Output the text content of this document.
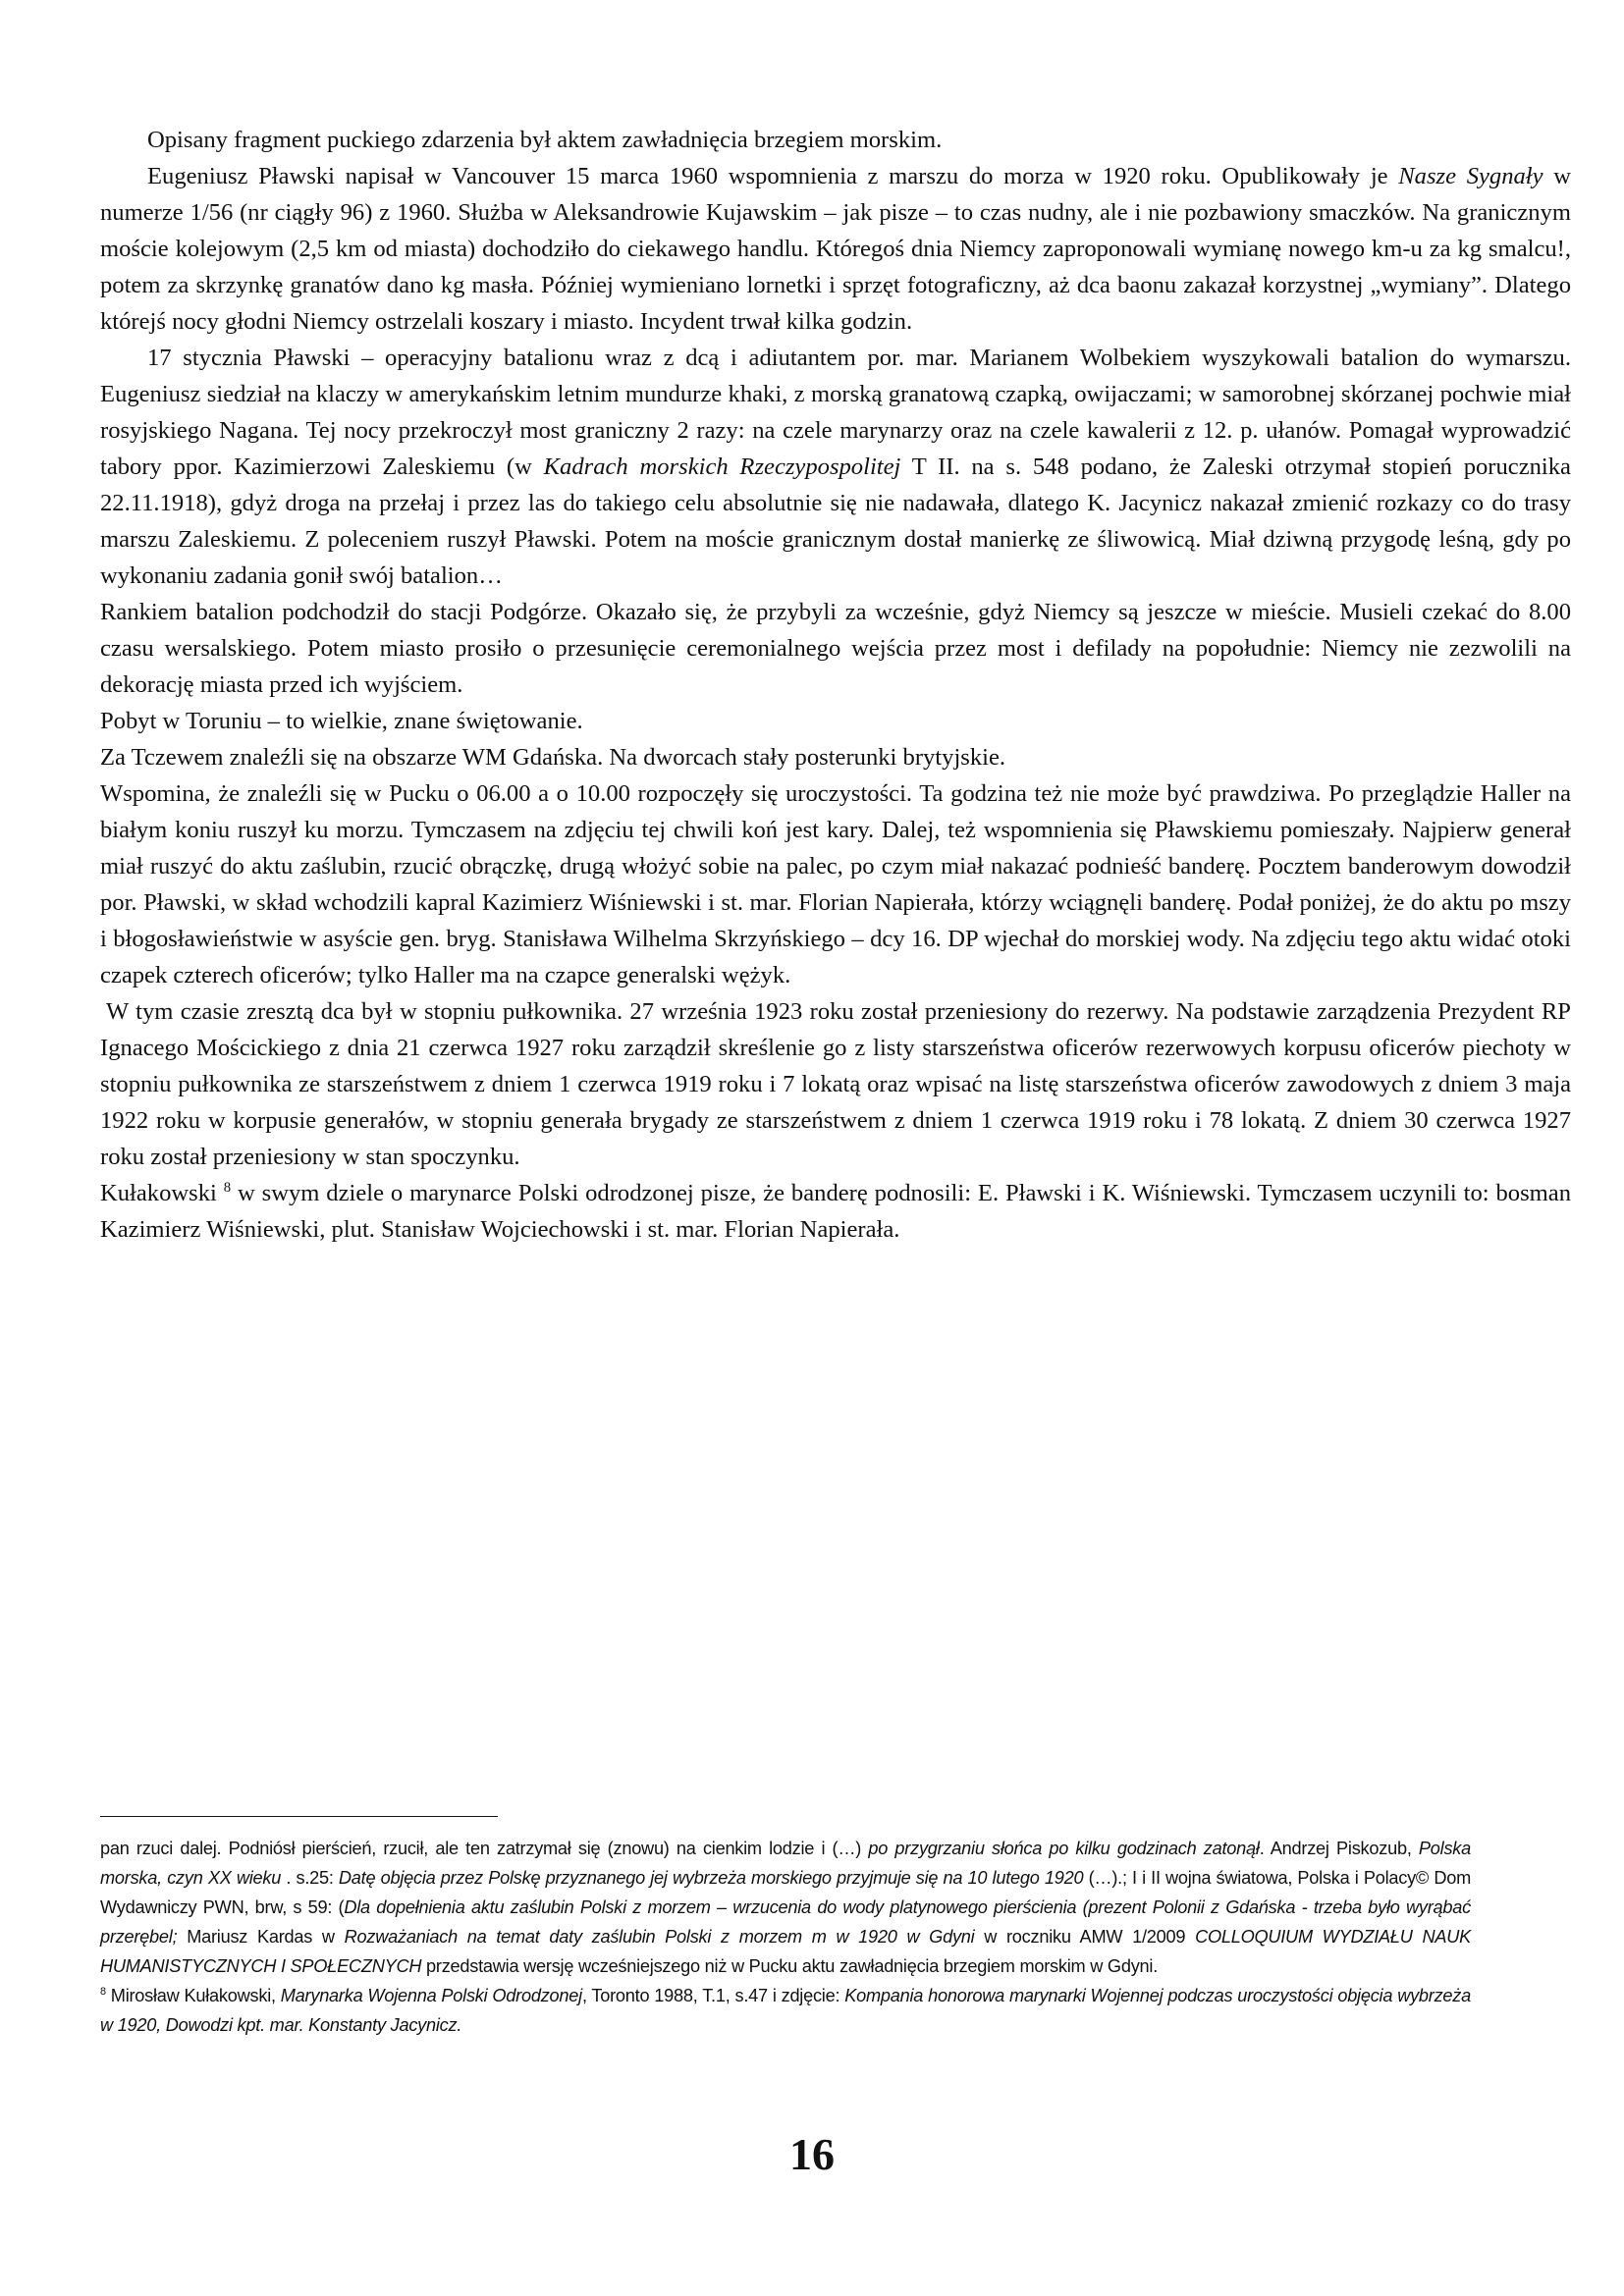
Opisany fragment puckiego zdarzenia był aktem zawładnięcia brzegiem morskim.

Eugeniusz Pławski napisał w Vancouver 15 marca 1960 wspomnienia z marszu do morza w 1920 roku. Opublikowały je Nasze Sygnały w numerze 1/56 (nr ciągły 96) z 1960. Służba w Aleksandrowie Kujawskim – jak pisze – to czas nudny, ale i nie pozbawiony smaczków. Na granicznym moście kolejowym (2,5 km od miasta) dochodziło do ciekawego handlu. Któregoś dnia Niemcy zaproponowali wymianę nowego km-u za kg smalcu!, potem za skrzynkę granatów dano kg masła. Później wymieniano lornetki i sprzęt fotograficzny, aż dca baonu zakazał korzystnej „wymiany”. Dlatego którejś nocy głodni Niemcy ostrzelali koszary i miasto. Incydent trwał kilka godzin.

17 stycznia Pławski – operacyjny batalionu wraz z dcą i adiutantem por. mar. Marianem Wolbekiem wyszykowali batalion do wymarszu. Eugeniusz siedział na klaczy w amerykańskim letnim mundurze khaki, z morską granatową czapką, owijaczami; w samorobnej skórzanej pochwie miał rosyjskiego Nagana. Tej nocy przekroczył most graniczny 2 razy: na czele marynarzy oraz na czele kawalerii z 12. p. ułanów. Pomagał wyprowadzić tabory ppor. Kazimierzowi Zaleskiemu (w Kadrach morskich Rzeczypospolitej T II. na s. 548 podano, że Zaleski otrzymał stopień porucznika 22.11.1918), gdyż droga na przełaj i przez las do takiego celu absolutnie się nie nadawała, dlatego K. Jacynicz nakazał zmienić rozkazy co do trasy marszu Zaleskiemu. Z poleceniem ruszył Pławski. Potem na moście granicznym dostał manierkę ze śliwowicą. Miał dziwną przygodę leśną, gdy po wykonaniu zadania gonił swój batalion…

Rankiem batalion podchodził do stacji Podgórze. Okazało się, że przybyli za wcześnie, gdyż Niemcy są jeszcze w mieście. Musieli czekać do 8.00 czasu wersalskiego. Potem miasto prosiło o przesunięcie ceremonialnego wejścia przez most i defilady na popołudnie: Niemcy nie zezwolili na dekorację miasta przed ich wyjściem.

Pobyt w Toruniu – to wielkie, znane świętowanie.

Za Tczewem znaleźli się na obszarze WM Gdańska. Na dworcach stały posterunki brytyjskie.

Wspomina, że znaleźli się w Pucku o 06.00 a o 10.00 rozpoczęły się uroczystości. Ta godzina też nie może być prawdziwa. Po przeglądzie Haller na białym koniu ruszył ku morzu. Tymczasem na zdjęciu tej chwili koń jest kary. Dalej, też wspomnienia się Pławskiemu pomieszały. Najpierw generał miał ruszyć do aktu zaślubin, rzucić obrączkę, drugą włożyć sobie na palec, po czym miał nakazać podnieść banderę. Pocztem banderowym dowodził por. Pławski, w skład wchodzili kapral Kazimierz Wiśniewski i st. mar. Florian Napierała, którzy wciągnęli banderę. Podał poniżej, że do aktu po mszy i błogosławieństwie w asyście gen. bryg. Stanisława Wilhelma Skrzyńskiego – dcy 16. DP wjechał do morskiej wody. Na zdjęciu tego aktu widać otoki czapek czterech oficerów; tylko Haller ma na czapce generalski wężyk.

W tym czasie zresztą dca był w stopniu pułkownika. 27 września 1923 roku został przeniesiony do rezerwy. Na podstawie zarządzenia Prezydent RP Ignacego Mościckiego z dnia 21 czerwca 1927 roku zarządził skreślenie go z listy starszeństwa oficerów rezerwowych korpusu oficerów piechoty w stopniu pułkownika ze starszeństwem z dniem 1 czerwca 1919 roku i 7 lokatą oraz wpisać na listę starszeństwa oficerów zawodowych z dniem 3 maja 1922 roku w korpusie generałów, w stopniu generała brygady ze starszeństwem z dniem 1 czerwca 1919 roku i 78 lokatą. Z dniem 30 czerwca 1927 roku został przeniesiony w stan spoczynku.

Kułakowski $^8$ w swym dziele o marynarce Polski odrodzonej pisze, że banderę podnosili: E. Pławski i K. Wiśniewski. Tymczasem uczynili to: bosman Kazimierz Wiśniewski, plut. Stanisław Wojciechowski i st. mar. Florian Napierała.

pan rzuci dalej. Podniósł pierścień, rzucił, ale ten zatrzymał się (znowu) na cienkim lodzie i (…) po przygrzaniu słońca po kilku godzinach zatonął. Andrzej Piskozub, Polska morska, czyn XX wieku . s.25: Datę objęcia przez Polskę przyznanego jej wybrzeża morskiego przyjmuje się na 10 lutego 1920 (…).; I i II wojna światowa, Polska i Polacy© Dom Wydawniczy PWN, brw, s 59: (Dla dopełnienia aktu zaślubin Polski z morzem – wrzucenia do wody platynowego pierścienia (prezent Polonii z Gdańska - trzeba było wyrąbać przerębel; Mariusz Kardas w Rozważaniach na temat daty zaślubin Polski z morzem m w 1920 w Gdyni w roczniku AMW 1/2009 COLLOQUIUM WYDZIAŁU NAUK HUMANISTYCZNYCH I SPOŁECZNYCH przedstawia wersję wcześniejszego niż w Pucku aktu zawładnięcia brzegiem morskim w Gdyni.

$^8$ Mirosław Kułakowski, Marynarka Wojenna Polski Odrodzonej, Toronto 1988, T.1, s.47 i zdjęcie: Kompania honorowa marynarki Wojennej podczas uroczystości objęcia wybrzeża w 1920, Dowodzi kpt. mar. Konstanty Jacynicz.

16
